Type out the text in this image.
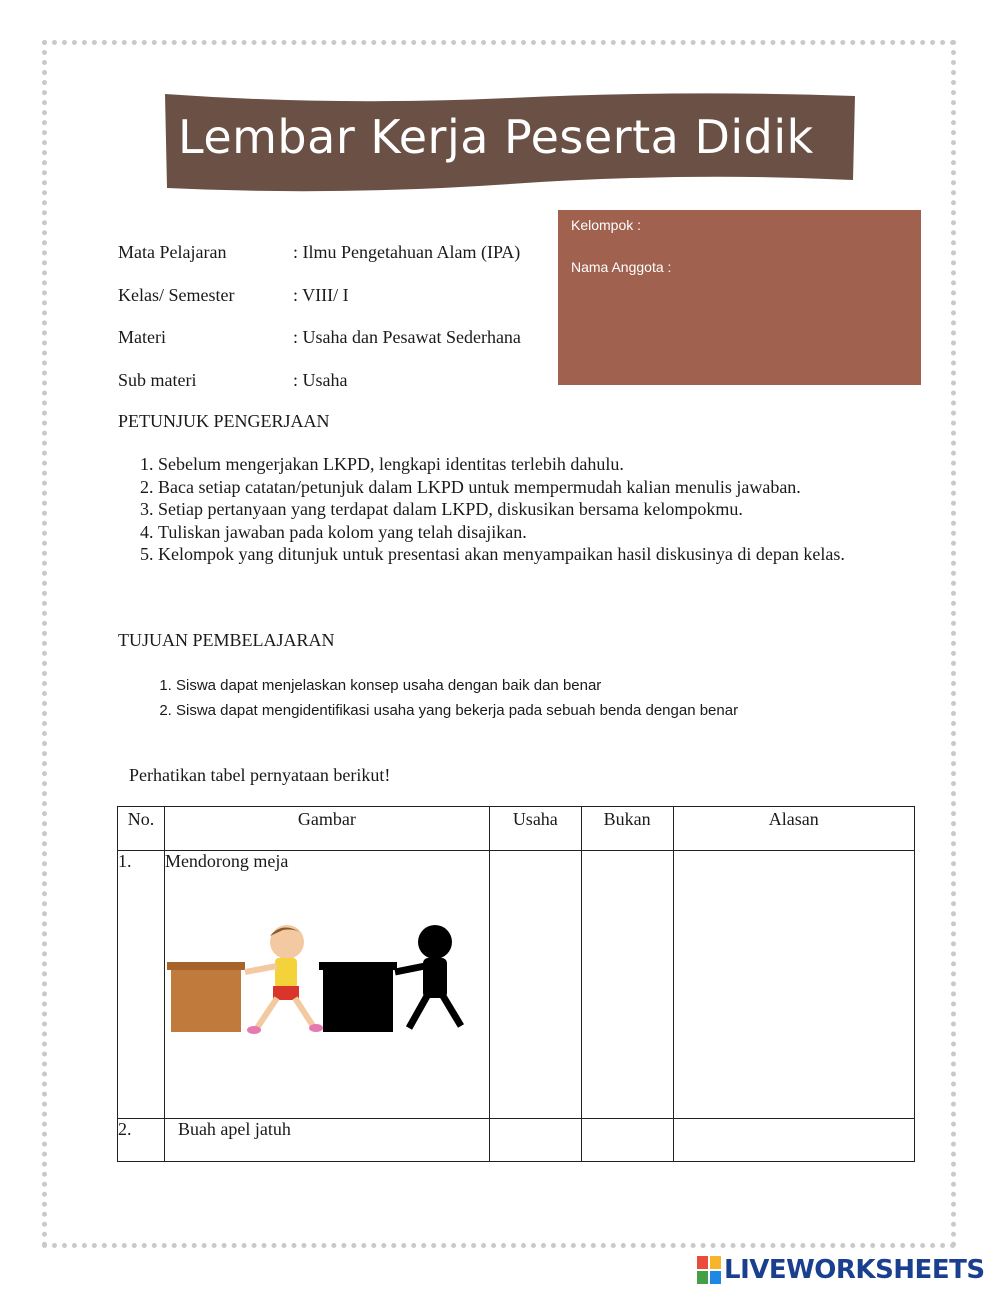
Lembar Kerja Peserta Didik
Kelompok :
Nama Anggota :
Mata Pelajaran	: Ilmu Pengetahuan Alam (IPA)
Kelas/ Semester	: VIII/ I
Materi	: Usaha dan Pesawat Sederhana
Sub materi	: Usaha
PETUNJUK PENGERJAAN
1. Sebelum mengerjakan LKPD, lengkapi identitas terlebih dahulu.
2. Baca setiap catatan/petunjuk dalam LKPD untuk mempermudah kalian menulis jawaban.
3. Setiap pertanyaan yang terdapat dalam LKPD, diskusikan bersama kelompokmu.
4. Tuliskan jawaban pada kolom yang telah disajikan.
5. Kelompok yang ditunjuk untuk presentasi akan menyampaikan hasil diskusinya di depan kelas.
TUJUAN PEMBELAJARAN
1. Siswa dapat menjelaskan konsep usaha dengan baik dan benar
2. Siswa dapat mengidentifikasi usaha yang bekerja pada sebuah benda dengan benar
Perhatikan tabel pernyataan berikut!
No.	Gambar	Usaha	Bukan	Alasan
1.	Mendorong meja			

2.	Buah apel jatuh			
LIVEWORKSHEETS
